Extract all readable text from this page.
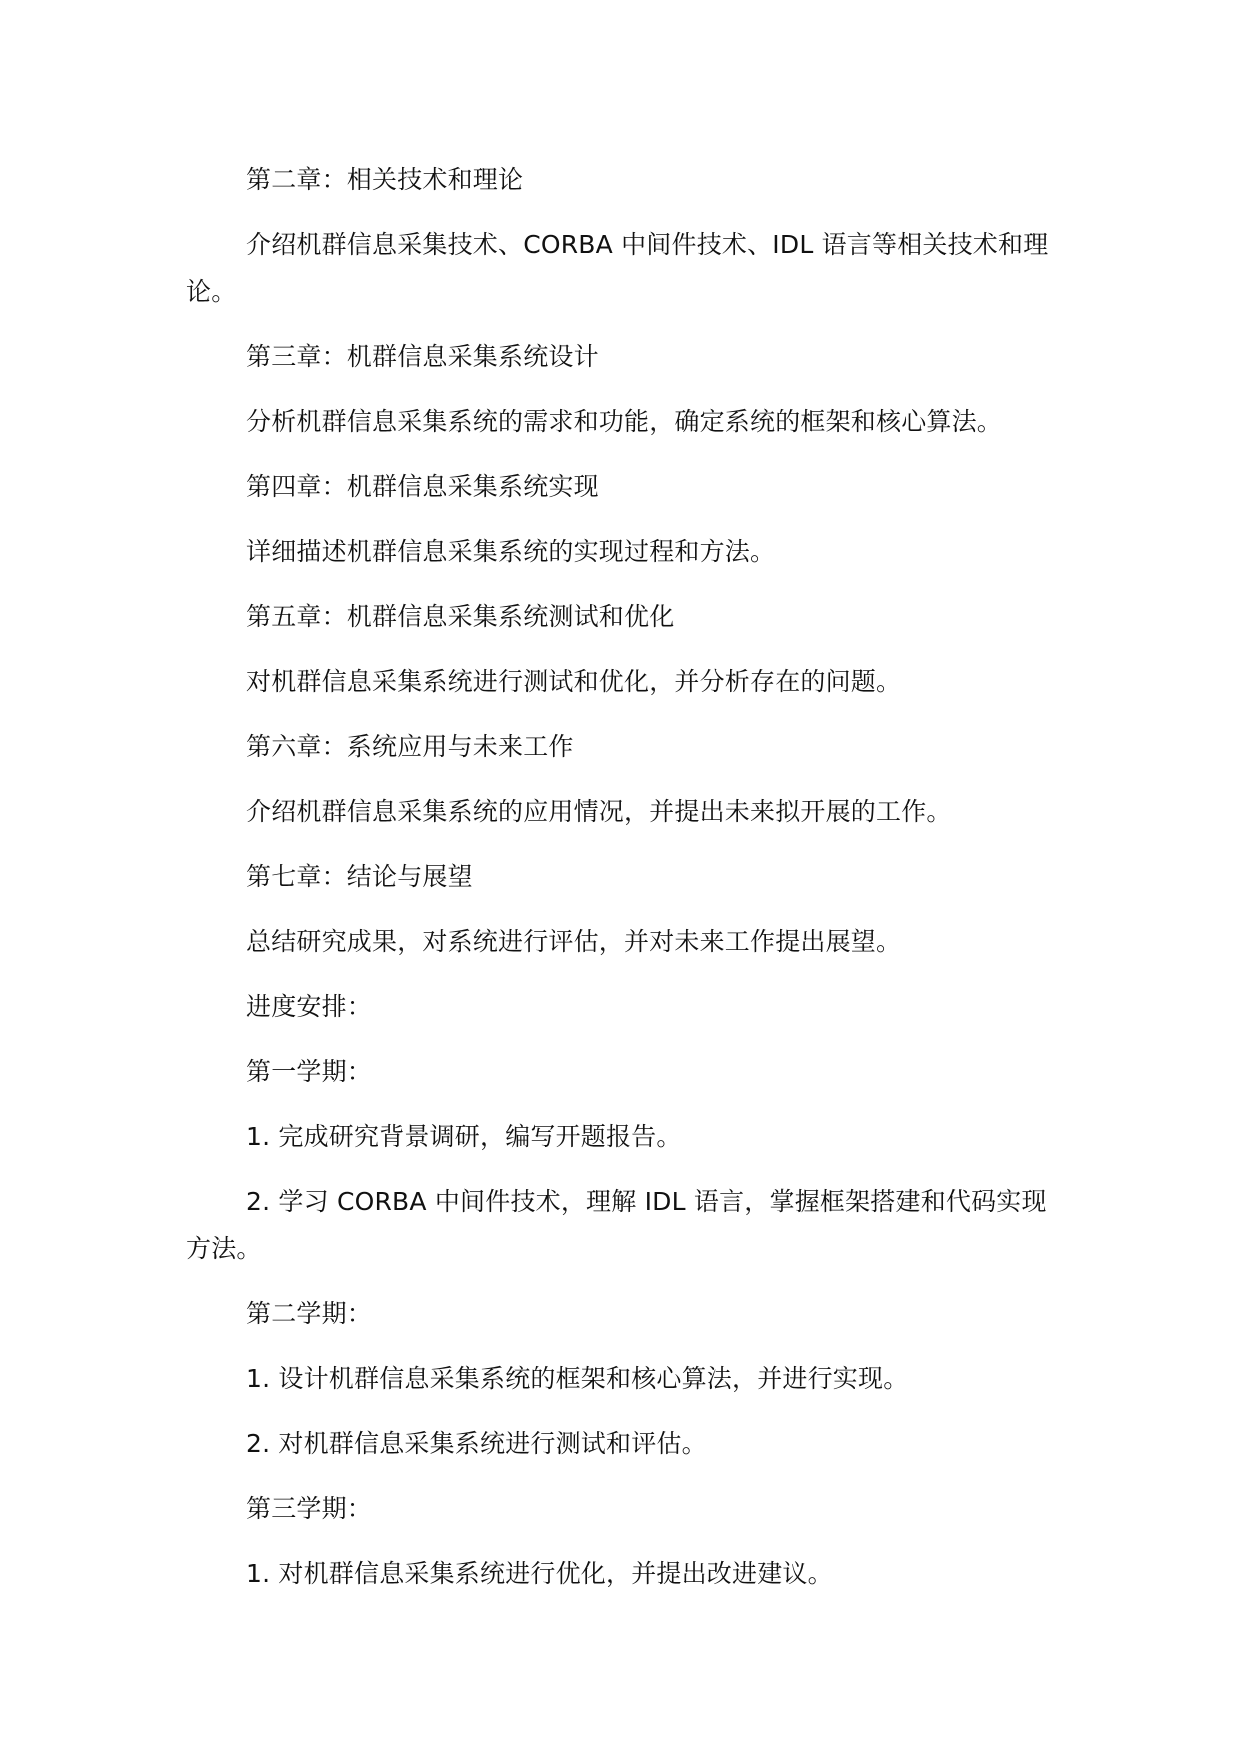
第二章：相关技术和理论

介绍机群信息采集技术、CORBA 中间件技术、IDL 语言等相关技术和理论。

第三章：机群信息采集系统设计

分析机群信息采集系统的需求和功能，确定系统的框架和核心算法。

第四章：机群信息采集系统实现

详细描述机群信息采集系统的实现过程和方法。

第五章：机群信息采集系统测试和优化

对机群信息采集系统进行测试和优化，并分析存在的问题。

第六章：系统应用与未来工作

介绍机群信息采集系统的应用情况，并提出未来拟开展的工作。

第七章：结论与展望

总结研究成果，对系统进行评估，并对未来工作提出展望。

进度安排：

第一学期：

1. 完成研究背景调研，编写开题报告。

2. 学习 CORBA 中间件技术，理解 IDL 语言，掌握框架搭建和代码实现方法。

第二学期：

1. 设计机群信息采集系统的框架和核心算法，并进行实现。

2. 对机群信息采集系统进行测试和评估。

第三学期：

1. 对机群信息采集系统进行优化，并提出改进建议。
